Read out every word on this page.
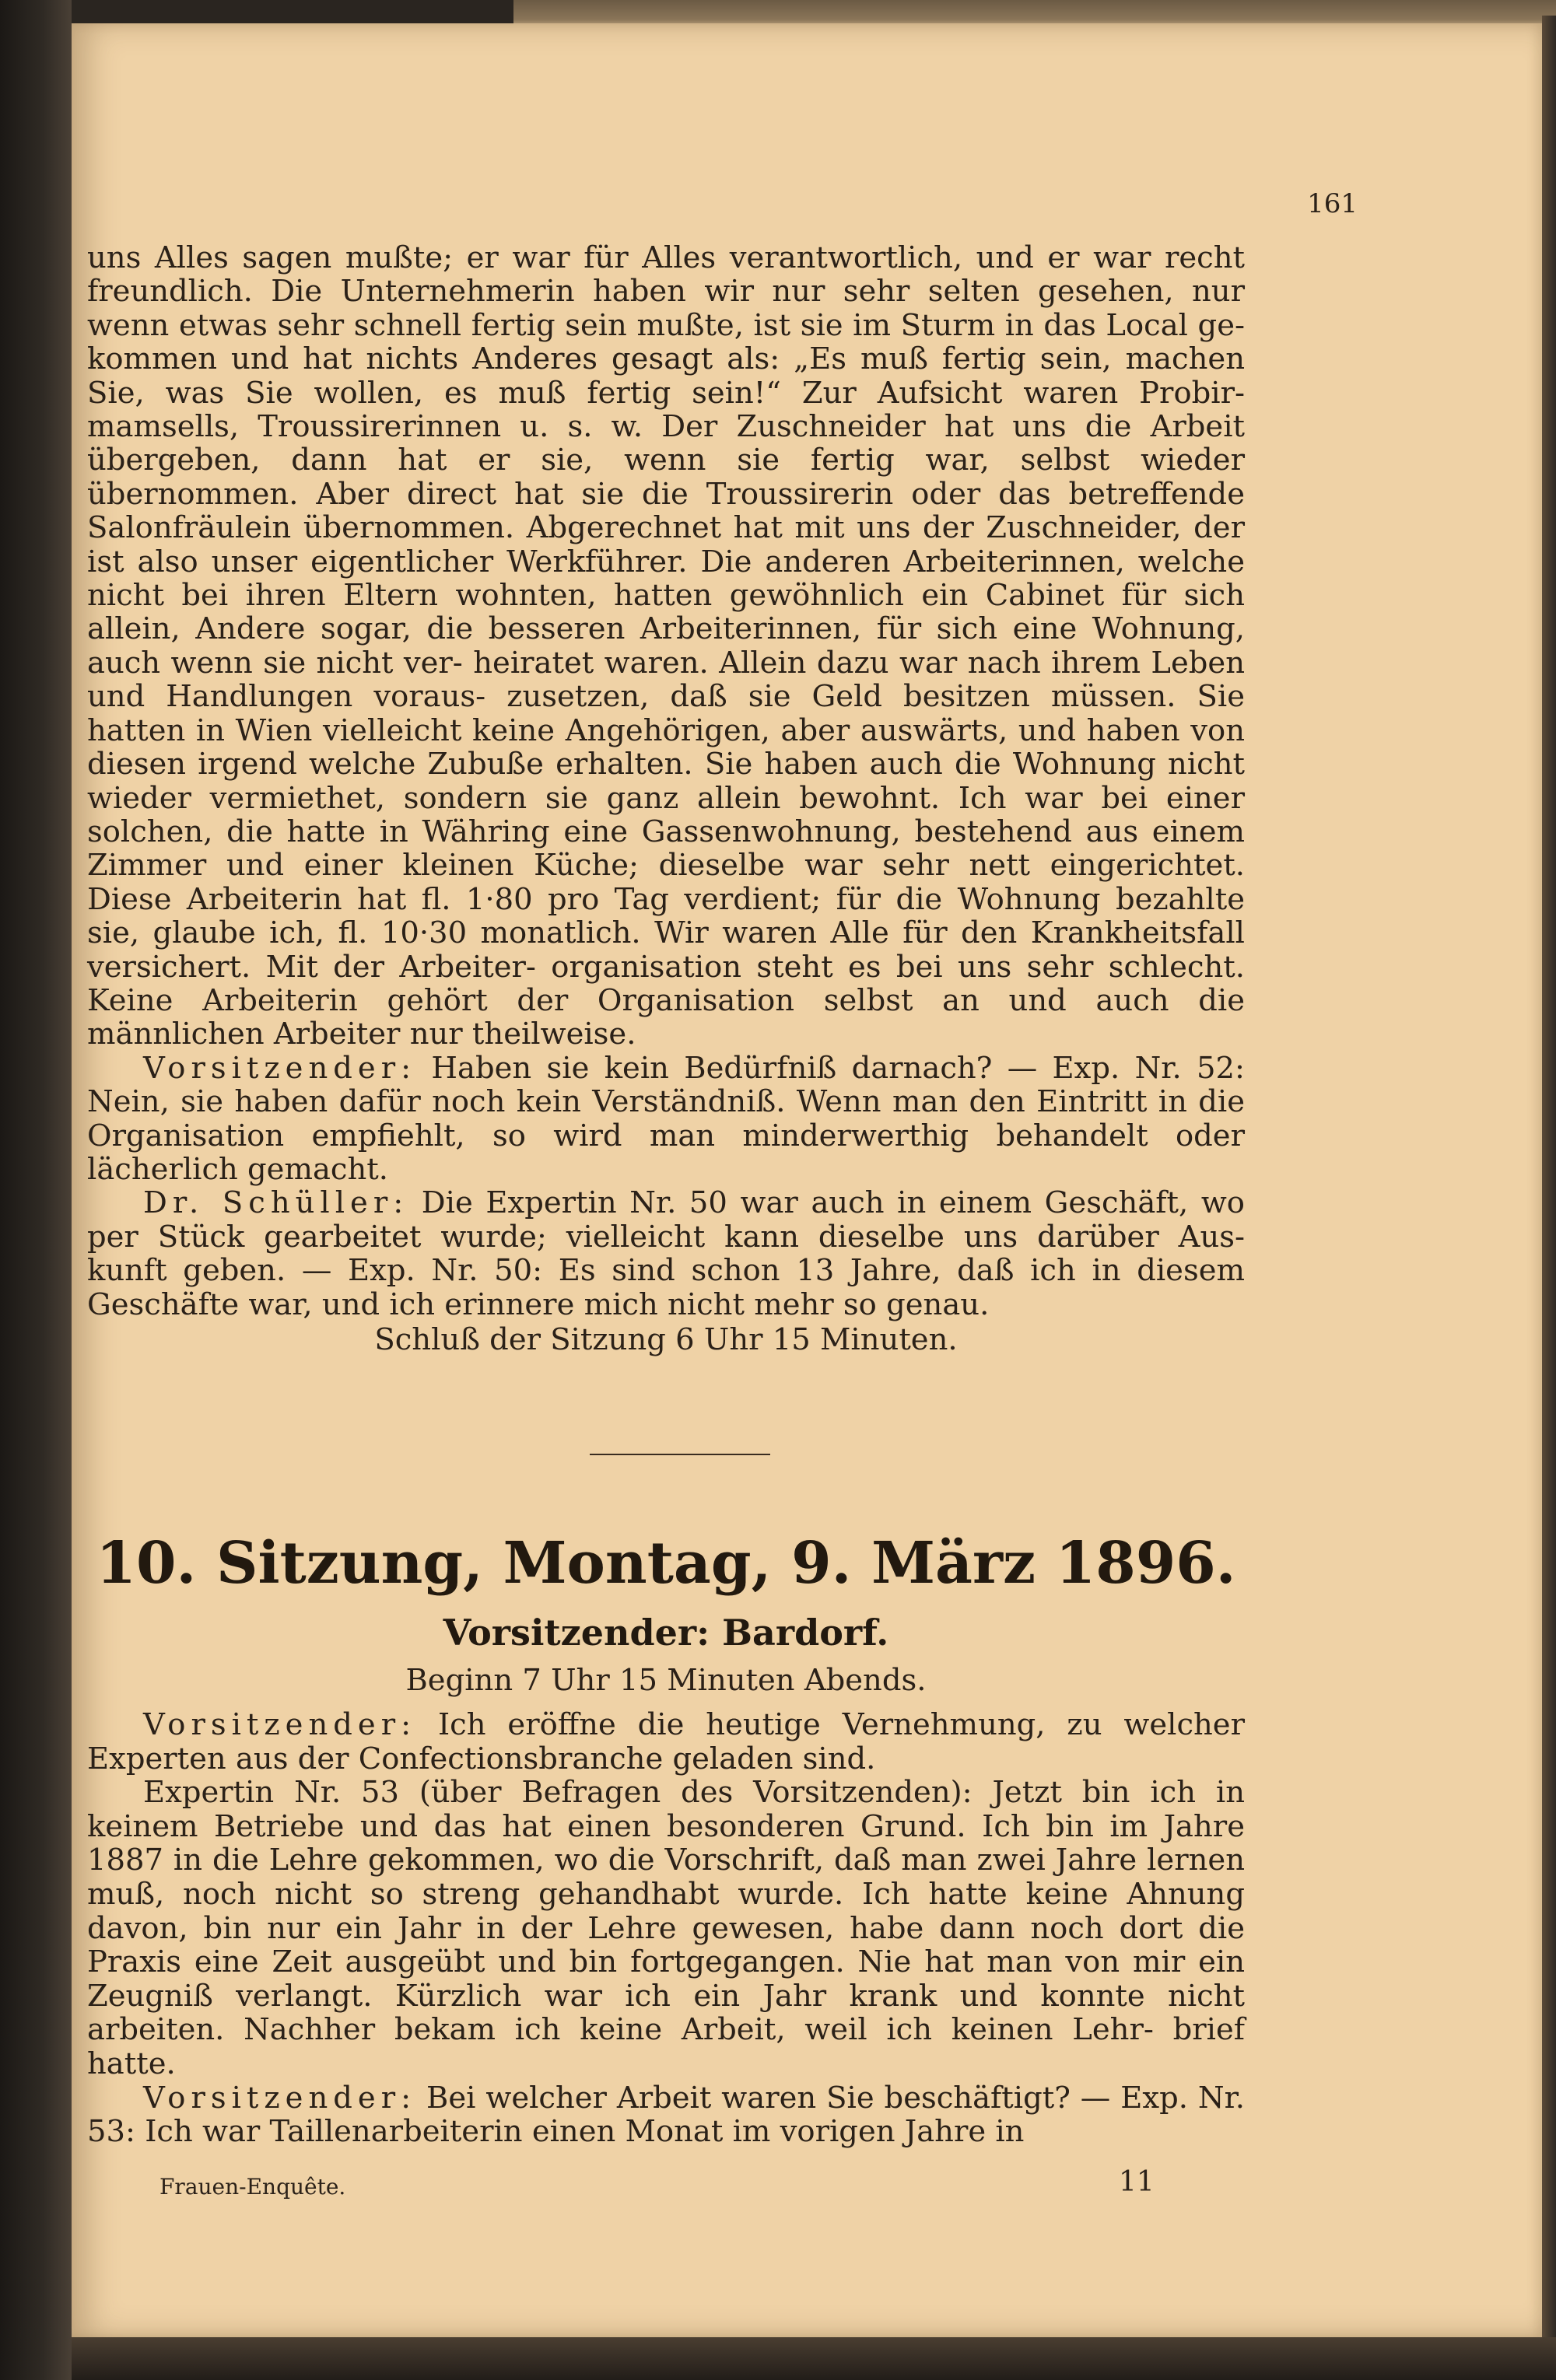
161

uns Alles sagen mußte; er war für Alles verantwortlich, und er war recht freundlich. Die Unternehmerin haben wir nur sehr selten gesehen, nur wenn etwas sehr schnell fertig sein mußte, ist sie im Sturm in das Local ge- kommen und hat nichts Anderes gesagt als: „Es muß fertig sein, machen Sie, was Sie wollen, es muß fertig sein!“ Zur Aufsicht waren Probir- mamsells, Troussirerinnen u. s. w. Der Zuschneider hat uns die Arbeit übergeben, dann hat er sie, wenn sie fertig war, selbst wieder übernommen. Aber direct hat sie die Troussirerin oder das betreffende Salonfräulein übernommen. Abgerechnet hat mit uns der Zuschneider, der ist also unser eigentlicher Werkführer. Die anderen Arbeiterinnen, welche nicht bei ihren Eltern wohnten, hatten gewöhnlich ein Cabinet für sich allein, Andere sogar, die besseren Arbeiterinnen, für sich eine Wohnung, auch wenn sie nicht ver- heiratet waren. Allein dazu war nach ihrem Leben und Handlungen voraus- zusetzen, daß sie Geld besitzen müssen. Sie hatten in Wien vielleicht keine Angehörigen, aber auswärts, und haben von diesen irgend welche Zubuße erhalten. Sie haben auch die Wohnung nicht wieder vermiethet, sondern sie ganz allein bewohnt. Ich war bei einer solchen, die hatte in Währing eine Gassenwohnung, bestehend aus einem Zimmer und einer kleinen Küche; dieselbe war sehr nett eingerichtet. Diese Arbeiterin hat fl. 1·80 pro Tag verdient; für die Wohnung bezahlte sie, glaube ich, fl. 10·30 monatlich. Wir waren Alle für den Krankheitsfall versichert. Mit der Arbeiter- organisation steht es bei uns sehr schlecht. Keine Arbeiterin gehört der Organisation selbst an und auch die männlichen Arbeiter nur theilweise.

Vorsitzender: Haben sie kein Bedürfniß darnach? — Exp. Nr. 52: Nein, sie haben dafür noch kein Verständniß. Wenn man den Eintritt in die Organisation empfiehlt, so wird man minderwerthig behandelt oder lächerlich gemacht.

Dr. Schüller: Die Expertin Nr. 50 war auch in einem Geschäft, wo per Stück gearbeitet wurde; vielleicht kann dieselbe uns darüber Aus- kunft geben. — Exp. Nr. 50: Es sind schon 13 Jahre, daß ich in diesem Geschäfte war, und ich erinnere mich nicht mehr so genau.

Schluß der Sitzung 6 Uhr 15 Minuten.
10. Sitzung, Montag, 9. März 1896.
Vorsitzender: Bardorf.
Beginn 7 Uhr 15 Minuten Abends.

Vorsitzender: Ich eröffne die heutige Vernehmung, zu welcher Experten aus der Confectionsbranche geladen sind.

Expertin Nr. 53 (über Befragen des Vorsitzenden): Jetzt bin ich in keinem Betriebe und das hat einen besonderen Grund. Ich bin im Jahre 1887 in die Lehre gekommen, wo die Vorschrift, daß man zwei Jahre lernen muß, noch nicht so streng gehandhabt wurde. Ich hatte keine Ahnung davon, bin nur ein Jahr in der Lehre gewesen, habe dann noch dort die Praxis eine Zeit ausgeübt und bin fortgegangen. Nie hat man von mir ein Zeugniß verlangt. Kürzlich war ich ein Jahr krank und konnte nicht arbeiten. Nachher bekam ich keine Arbeit, weil ich keinen Lehr- brief hatte.

Vorsitzender: Bei welcher Arbeit waren Sie beschäftigt? — Exp. Nr. 53: Ich war Taillenarbeiterin einen Monat im vorigen Jahre in

Frauen-Enquête.	11
